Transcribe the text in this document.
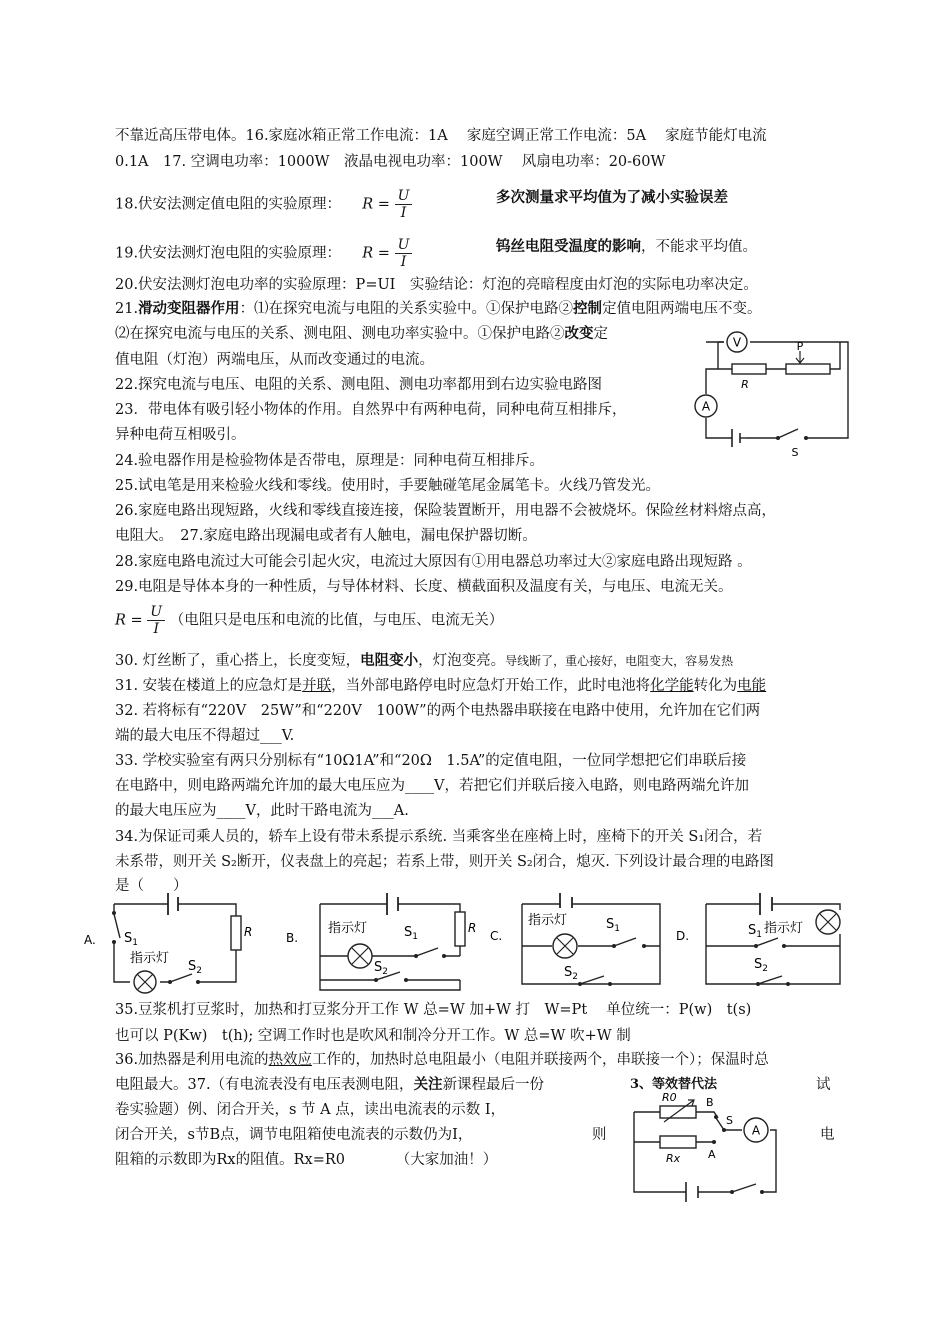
不靠近高压带电体。16.家庭冰箱正常工作电流：1A　 家庭空调正常工作电流：5A　 家庭节能灯电流
0.1A　17. 空调电功率：1000W　液晶电视电功率：100W　 风扇电功率：20-60W
18.伏安法测定值电阻的实验原理： $R = \frac{U}{I}$	多次测量求平均值为了减小实验误差
19.伏安法测灯泡电阻的实验原理： $R = \frac{U}{I}$	钨丝电阻受温度的影响，不能求平均值。
20.伏安法测灯泡电功率的实验原理：P=UI　实验结论：灯泡的亮暗程度由灯泡的实际电功率决定。
21.滑动变阻器作用：⑴在探究电流与电阻的关系实验中。①保护电路②控制定值电阻两端电压不变。
⑵在探究电流与电压的关系、测电阻、测电功率实验中。①保护电路②改变定
值电阻（灯泡）两端电压，从而改变通过的电流。
22.探究电流与电压、电阻的关系、测电阻、测电功率都用到右边实验电路图
23．带电体有吸引轻小物体的作用。自然界中有两种电荷，同种电荷互相排斥，
异种电荷互相吸引。
24.验电器作用是检验物体是否带电，原理是：同种电荷互相排斥。
25.试电笔是用来检验火线和零线。使用时，手要触碰笔尾金属笔卡。火线乃管发光。
26.家庭电路出现短路，火线和零线直接连接，保险装置断开，用电器不会被烧坏。保险丝材料熔点高，
电阻大。　27.家庭电路出现漏电或者有人触电，漏电保护器切断。
28.家庭电路电流过大可能会引起火灾，电流过大原因有①用电器总功率过大②家庭电路出现短路 。
29.电阻是导体本身的一种性质，与导体材料、长度、横截面积及温度有关，与电压、电流无关。
$R = \frac{U}{I}$ （电阻只是电压和电流的比值，与电压、电流无关）
30. 灯丝断了，重心搭上，长度变短，电阻变小，灯泡变亮。导线断了，重心接好，电阻变大，容易发热
31. 安装在楼道上的应急灯是并联，当外部电路停电时应急灯开始工作，此时电池将化学能转化为电能
32. 若将标有“220V　25W”和“220V　100W”的两个电热器串联接在电路中使用，允许加在它们两
端的最大电压不得超过___V.
33. 学校实验室有两只分别标有“10Ω1A”和“20Ω　1.5A”的定值电阻，一位同学想把它们串联后接
在电路中，则电路两端允许加的最大电压应为____V，若把它们并联后接入电路，则电路两端允许加
的最大电压应为____V，此时干路电流为___A.
34.为保证司乘人员的，轿车上设有带未系提示系统. 当乘客坐在座椅上时，座椅下的开关 S₁闭合，若
未系带，则开关 S₂断开，仪表盘上的亮起；若系上带，则开关 S₂闭合，熄灭. 下列设计最合理的电路图
是（　　）
35.豆浆机打豆浆时，加热和打豆浆分开工作 W 总=W 加+W 打　W=Pt　 单位统一：P(w)　t(s)
也可以 P(Kw)　t(h); 空调工作时也是吹风和制冷分开工作。W 总=W 吹+W 制
36.加热器是利用电流的热效应工作的，加热时总电阻最小（电阻并联接两个，串联接一个）；保温时总
电阻最大。37.（有电流表没有电压表测电阻，关注新课程最后一份	3、等效替代法	试
卷实验题）例、闭合开关，s 节 A 点，读出电流表的示数 I，
闭合开关，s节B点，调节电阻箱使电流表的示数仍为I，	则	电
阻箱的示数即为Rx的阻值。Rx=R0　　　　（大家加油！）
V
R
P
A
S
A.
R
$S_1$
指示灯
$S_2$
B.
R
指示灯	$S_1$
$S_2$
C.
指示灯	$S_1$
$S_2$
D.	指示灯
$S_1$
$S_2$
R0
Rx
B
A
S
A
